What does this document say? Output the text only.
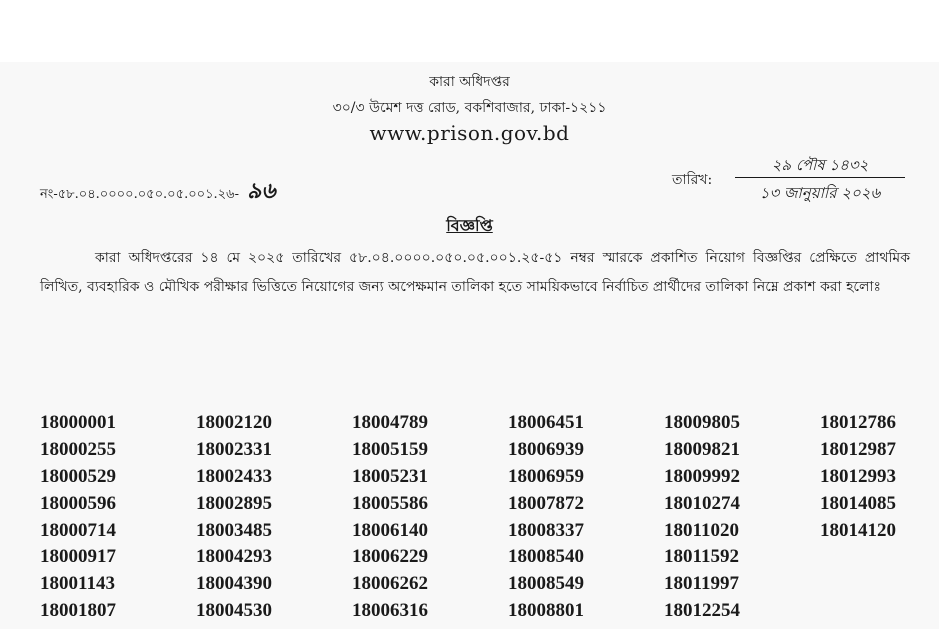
কারা অধিদপ্তর
৩০/৩ উমেশ দত্ত রোড, বকশিবাজার, ঢাকা-১২১১
www.prison.gov.bd
নং-৫৮.০৪.০০০০.০৫০.০৫.০০১.২৬- ৯৬	তারিখ:
২৯ পৌষ ১৪৩২
১৩ জানুয়ারি ২০২৬
বিজ্ঞপ্তি
কারা অধিদপ্তরের ১৪ মে ২০২৫ তারিখের ৫৮.০৪.০০০০.০৫০.০৫.০০১.২৫-৫১ নম্বর স্মারকে প্রকাশিত নিয়োগ বিজ্ঞপ্তির প্রেক্ষিতে প্রাথমিক লিখিত, ব্যবহারিক ও মৌখিক পরীক্ষার ভিত্তিতে নিয়োগের জন্য অপেক্ষমান তালিকা হতে সাময়িকভাবে নির্বাচিত প্রার্থীদের তালিকা নিম্নে প্রকাশ করা হলোঃ
18000001	18002120	18004789	18006451	18009805	18012786
18000255	18002331	18005159	18006939	18009821	18012987
18000529	18002433	18005231	18006959	18009992	18012993
18000596	18002895	18005586	18007872	18010274	18014085
18000714	18003485	18006140	18008337	18011020	18014120
18000917	18004293	18006229	18008540	18011592
18001143	18004390	18006262	18008549	18011997
18001807	18004530	18006316	18008801	18012254
